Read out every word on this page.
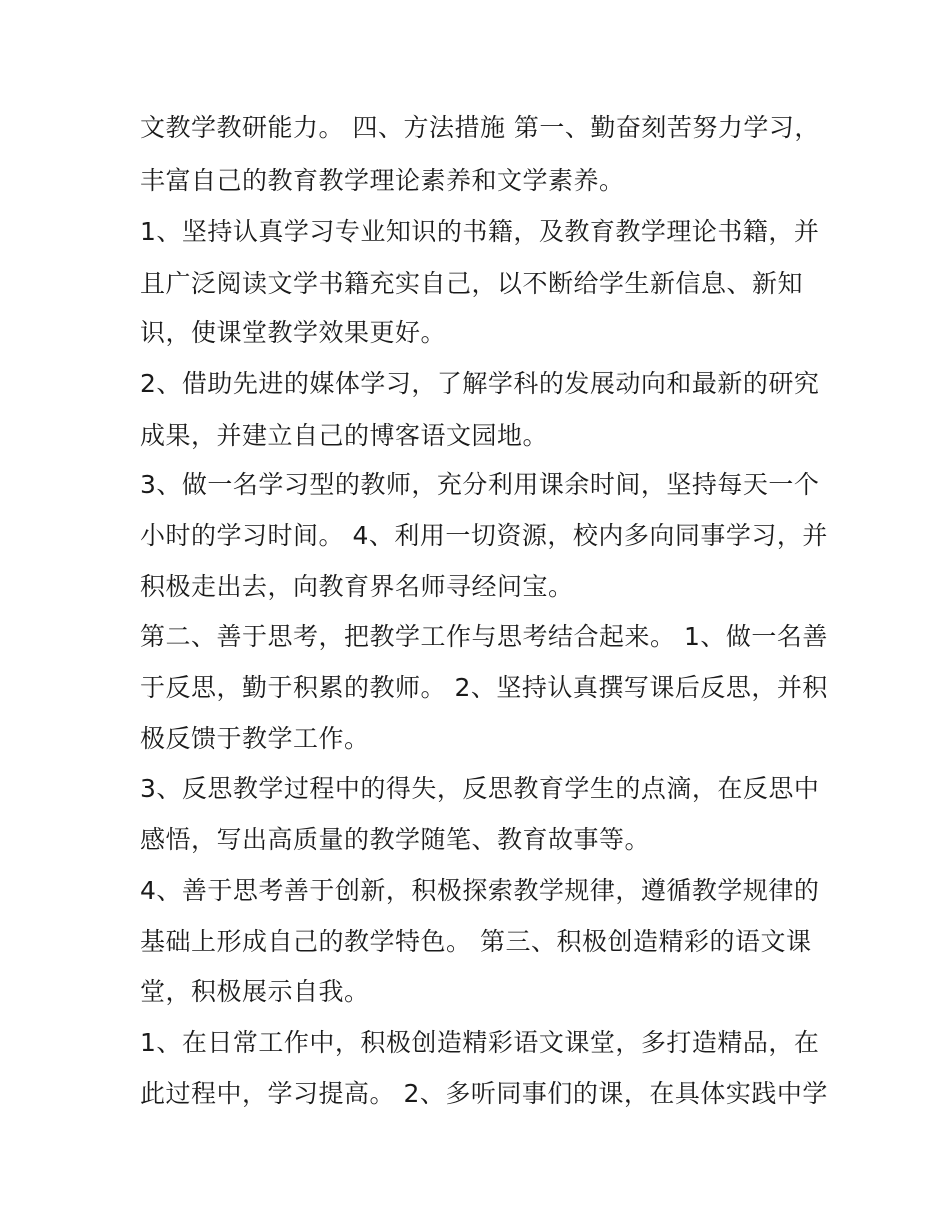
文教学教研能力。 四、方法措施 第一、勤奋刻苦努力学习，
丰富自己的教育教学理论素养和文学素养。
1、坚持认真学习专业知识的书籍，及教育教学理论书籍，并
且广泛阅读文学书籍充实自己，以不断给学生新信息、新知
识，使课堂教学效果更好。
2、借助先进的媒体学习，了解学科的发展动向和最新的研究
成果，并建立自己的博客语文园地。
3、做一名学习型的教师，充分利用课余时间，坚持每天一个
小时的学习时间。 4、利用一切资源，校内多向同事学习，并
积极走出去，向教育界名师寻经问宝。
第二、善于思考，把教学工作与思考结合起来。 1、做一名善
于反思，勤于积累的教师。 2、坚持认真撰写课后反思，并积
极反馈于教学工作。
3、反思教学过程中的得失，反思教育学生的点滴，在反思中
感悟，写出高质量的教学随笔、教育故事等。
4、善于思考善于创新，积极探索教学规律，遵循教学规律的
基础上形成自己的教学特色。 第三、积极创造精彩的语文课
堂，积极展示自我。
1、在日常工作中，积极创造精彩语文课堂，多打造精品，在
此过程中，学习提高。 2、多听同事们的课，在具体实践中学
